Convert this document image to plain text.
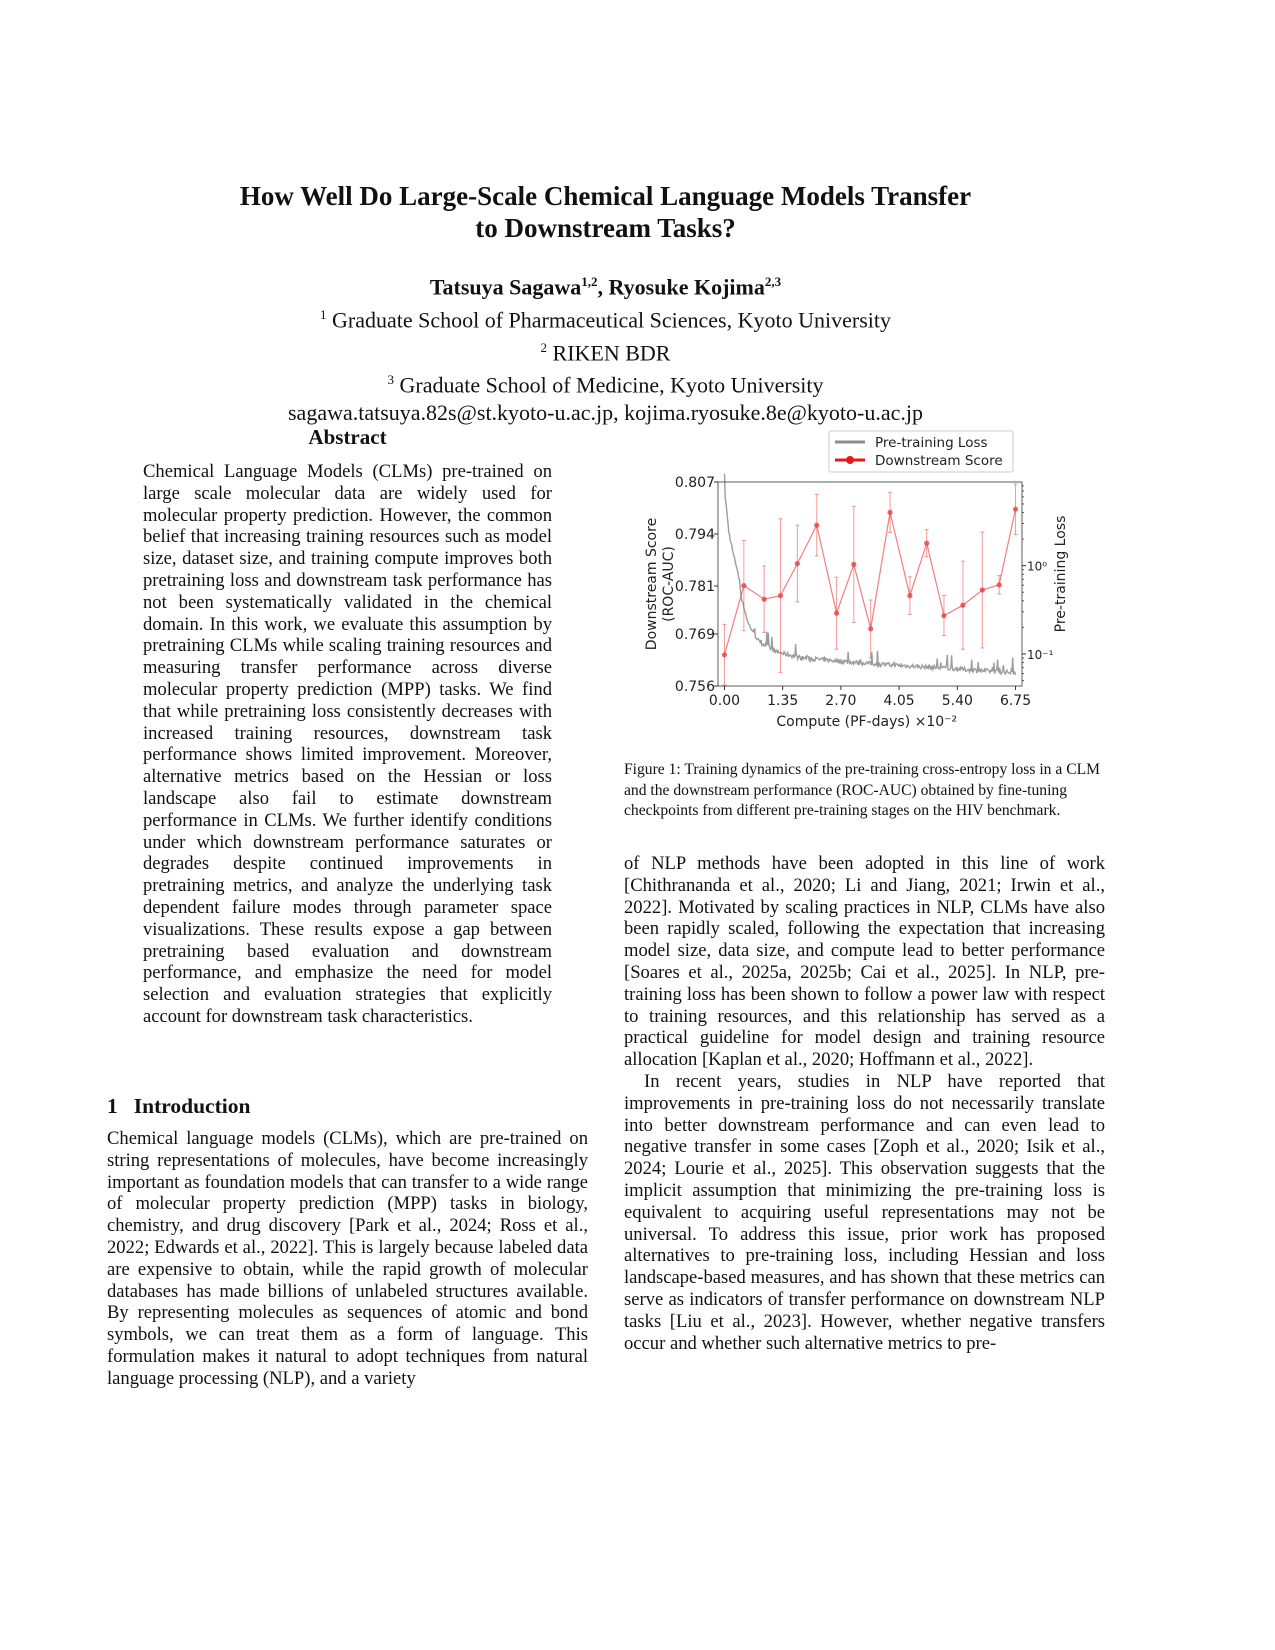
How Well Do Large-Scale Chemical Language Models Transfer
to Downstream Tasks?
Tatsuya Sagawa$^{1,2}$, Ryosuke Kojima$^{2,3}$
$^1$ Graduate School of Pharmaceutical Sciences, Kyoto University
$^2$ RIKEN BDR
$^3$ Graduate School of Medicine, Kyoto University
sagawa.tatsuya.82s@st.kyoto-u.ac.jp, kojima.ryosuke.8e@kyoto-u.ac.jp
Abstract
Chemical Language Models (CLMs) pre-trained on large scale molecular data are widely used for molecular property prediction. However, the common belief that increasing training resources such as model size, dataset size, and training compute improves both pretraining loss and downstream task performance has not been systematically validated in the chemical domain. In this work, we evaluate this assumption by pretraining CLMs while scaling training resources and measuring transfer performance across diverse molecular property prediction (MPP) tasks. We find that while pretraining loss consistently decreases with increased training resources, downstream task performance shows limited improvement. Moreover, alternative metrics based on the Hessian or loss landscape also fail to estimate downstream performance in CLMs. We further identify conditions under which downstream performance saturates or degrades despite continued improvements in pretraining metrics, and analyze the underlying task dependent failure modes through parameter space visualizations. These results expose a gap between pretraining based evaluation and downstream performance, and emphasize the need for model selection and evaluation strategies that explicitly account for downstream task characteristics.
1 Introduction

Chemical language models (CLMs), which are pre-trained on string representations of molecules, have become increasingly important as foundation models that can transfer to a wide range of molecular property prediction (MPP) tasks in biology, chemistry, and drug discovery [Park et al., 2024; Ross et al., 2022; Edwards et al., 2022]. This is largely because labeled data are expensive to obtain, while the rapid growth of molecular databases has made billions of unlabeled structures available. By representing molecules as sequences of atomic and bond symbols, we can treat them as a form of language. This formulation makes it natural to adopt techniques from natural language processing (NLP), and a variety

0.00 1.35 2.70 4.05 5.40 6.75
0.756
0.769
0.781
0.794
0.807
10⁰
10⁻¹
Compute (PF-days) ×10⁻²
Downstream Score (ROC-AUC)	Pre-training Loss
Pre-training Loss
Downstream Score
Figure 1: Training dynamics of the pre-training cross-entropy loss in a CLM and the downstream performance (ROC-AUC) obtained by fine-tuning checkpoints from different pre-training stages on the HIV benchmark.

of NLP methods have been adopted in this line of work [Chithrananda et al., 2020; Li and Jiang, 2021; Irwin et al., 2022]. Motivated by scaling practices in NLP, CLMs have also been rapidly scaled, following the expectation that increasing model size, data size, and compute lead to better performance [Soares et al., 2025a, 2025b; Cai et al., 2025]. In NLP, pre-training loss has been shown to follow a power law with respect to training resources, and this relationship has served as a practical guideline for model design and training resource allocation [Kaplan et al., 2020; Hoffmann et al., 2022].

In recent years, studies in NLP have reported that improvements in pre-training loss do not necessarily translate into better downstream performance and can even lead to negative transfer in some cases [Zoph et al., 2020; Isik et al., 2024; Lourie et al., 2025]. This observation suggests that the implicit assumption that minimizing the pre-training loss is equivalent to acquiring useful representations may not be universal. To address this issue, prior work has proposed alternatives to pre-training loss, including Hessian and loss landscape-based measures, and has shown that these metrics can serve as indicators of transfer performance on downstream NLP tasks [Liu et al., 2023]. However, whether negative transfers occur and whether such alternative metrics to pre-
